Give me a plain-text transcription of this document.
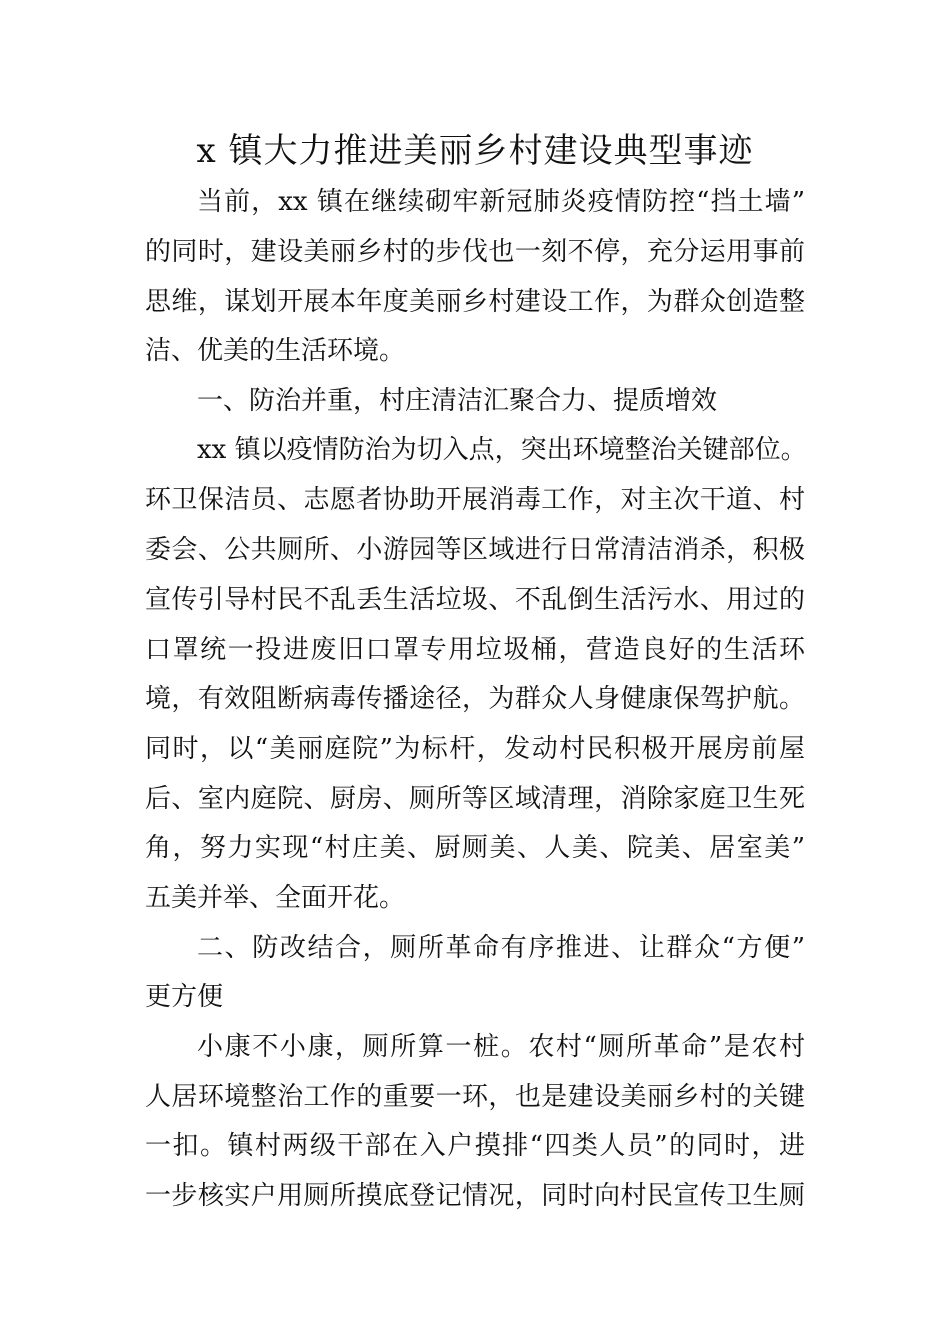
x 镇大力推进美丽乡村建设典型事迹

当前，xx 镇在继续砌牢新冠肺炎疫情防控“挡土墙”

的同时，建设美丽乡村的步伐也一刻不停，充分运用事前

思维，谋划开展本年度美丽乡村建设工作，为群众创造整

洁、优美的生活环境。

一、防治并重，村庄清洁汇聚合力、提质增效

xx 镇以疫情防治为切入点，突出环境整治关键部位。

环卫保洁员、志愿者协助开展消毒工作，对主次干道、村

委会、公共厕所、小游园等区域进行日常清洁消杀，积极

宣传引导村民不乱丢生活垃圾、不乱倒生活污水、用过的

口罩统一投进废旧口罩专用垃圾桶，营造良好的生活环

境，有效阻断病毒传播途径，为群众人身健康保驾护航。

同时，以“美丽庭院”为标杆，发动村民积极开展房前屋

后、室内庭院、厨房、厕所等区域清理，消除家庭卫生死

角，努力实现“村庄美、厨厕美、人美、院美、居室美”

五美并举、全面开花。

二、防改结合，厕所革命有序推进、让群众“方便”

更方便

小康不小康，厕所算一桩。农村“厕所革命”是农村

人居环境整治工作的重要一环，也是建设美丽乡村的关键

一扣。镇村两级干部在入户摸排“四类人员”的同时，进

一步核实户用厕所摸底登记情况，同时向村民宣传卫生厕
